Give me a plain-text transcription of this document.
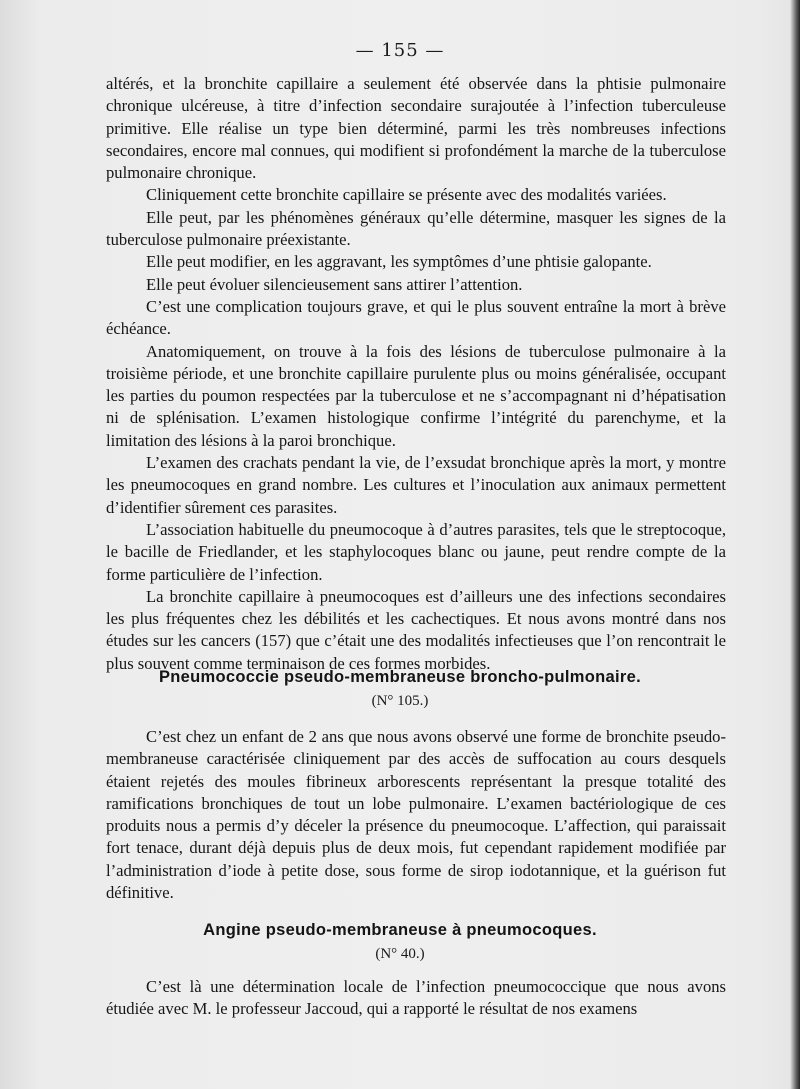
— 155 —

altérés, et la bronchite capillaire a seulement été observée dans la phtisie pulmonaire chronique ulcéreuse, à titre d’infection secondaire surajoutée à l’infection tuberculeuse primitive. Elle réalise un type bien déterminé, parmi les très nombreuses infections secondaires, encore mal connues, qui modifient si profondément la marche de la tuberculose pulmonaire chronique.

Cliniquement cette bronchite capillaire se présente avec des modalités variées.

Elle peut, par les phénomènes généraux qu’elle détermine, masquer les signes de la tuberculose pulmonaire préexistante.

Elle peut modifier, en les aggravant, les symptômes d’une phtisie galopante.

Elle peut évoluer silencieusement sans attirer l’attention.

C’est une complication toujours grave, et qui le plus souvent entraîne la mort à brève échéance.

Anatomiquement, on trouve à la fois des lésions de tuberculose pulmonaire à la troisième période, et une bronchite capillaire purulente plus ou moins généralisée, occupant les parties du poumon respectées par la tuberculose et ne s’accompagnant ni d’hépatisation ni de splénisation. L’examen histologique confirme l’intégrité du parenchyme, et la limitation des lésions à la paroi bronchique.

L’examen des crachats pendant la vie, de l’exsudat bronchique après la mort, y montre les pneumocoques en grand nombre. Les cultures et l’inoculation aux animaux permettent d’identifier sûrement ces parasites.

L’association habituelle du pneumocoque à d’autres parasites, tels que le streptocoque, le bacille de Friedlander, et les staphylocoques blanc ou jaune, peut rendre compte de la forme particulière de l’infection.

La bronchite capillaire à pneumocoques est d’ailleurs une des infections secondaires les plus fréquentes chez les débilités et les cachectiques. Et nous avons montré dans nos études sur les cancers (157) que c’était une des modalités infectieuses que l’on rencontrait le plus souvent comme terminaison de ces formes morbides.

Pneumococcie pseudo-membraneuse broncho-pulmonaire.
(N° 105.)

C’est chez un enfant de 2 ans que nous avons observé une forme de bronchite pseudo-membraneuse caractérisée cliniquement par des accès de suffocation au cours desquels étaient rejetés des moules fibrineux arborescents représentant la presque totalité des ramifications bronchiques de tout un lobe pulmonaire. L’examen bactériologique de ces produits nous a permis d’y déceler la présence du pneumocoque. L’affection, qui paraissait fort tenace, durant déjà depuis plus de deux mois, fut cependant rapidement modifiée par l’administration d’iode à petite dose, sous forme de sirop iodotannique, et la guérison fut définitive.

Angine pseudo-membraneuse à pneumocoques.
(N° 40.)

C’est là une détermination locale de l’infection pneumococcique que nous avons étudiée avec M. le professeur Jaccoud, qui a rapporté le résultat de nos examens
